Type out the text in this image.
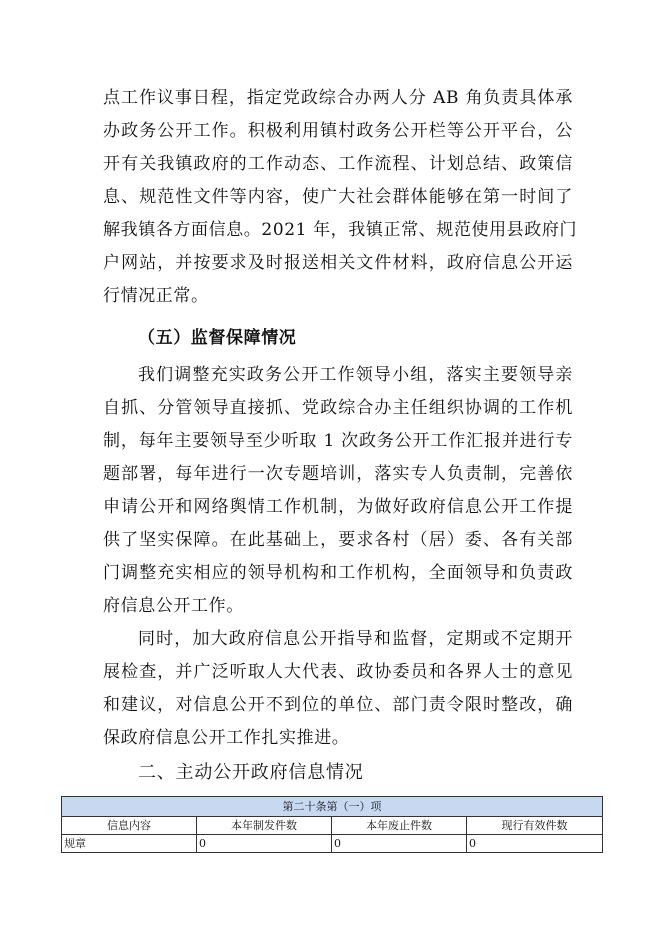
点工作议事日程，指定党政综合办两人分 AB 角负责具体承
办政务公开工作。积极利用镇村政务公开栏等公开平台，公
开有关我镇政府的工作动态、工作流程、计划总结、政策信
息、规范性文件等内容，使广大社会群体能够在第一时间了
解我镇各方面信息。2021 年，我镇正常、规范使用县政府门
户网站，并按要求及时报送相关文件材料，政府信息公开运
行情况正常。
（五）监督保障情况
我们调整充实政务公开工作领导小组，落实主要领导亲
自抓、分管领导直接抓、党政综合办主任组织协调的工作机
制，每年主要领导至少听取 1 次政务公开工作汇报并进行专
题部署，每年进行一次专题培训，落实专人负责制，完善依
申请公开和网络舆情工作机制，为做好政府信息公开工作提
供了坚实保障。在此基础上，要求各村（居）委、各有关部
门调整充实相应的领导机构和工作机构，全面领导和负责政
府信息公开工作。
同时，加大政府信息公开指导和监督，定期或不定期开
展检查，并广泛听取人大代表、政协委员和各界人士的意见
和建议，对信息公开不到位的单位、部门责令限时整改，确
保政府信息公开工作扎实推进。
二、主动公开政府信息情况
第二十条第（一）项			
信息内容	本年制发件数	本年废止件数	现行有效件数
规章	0	0	0
